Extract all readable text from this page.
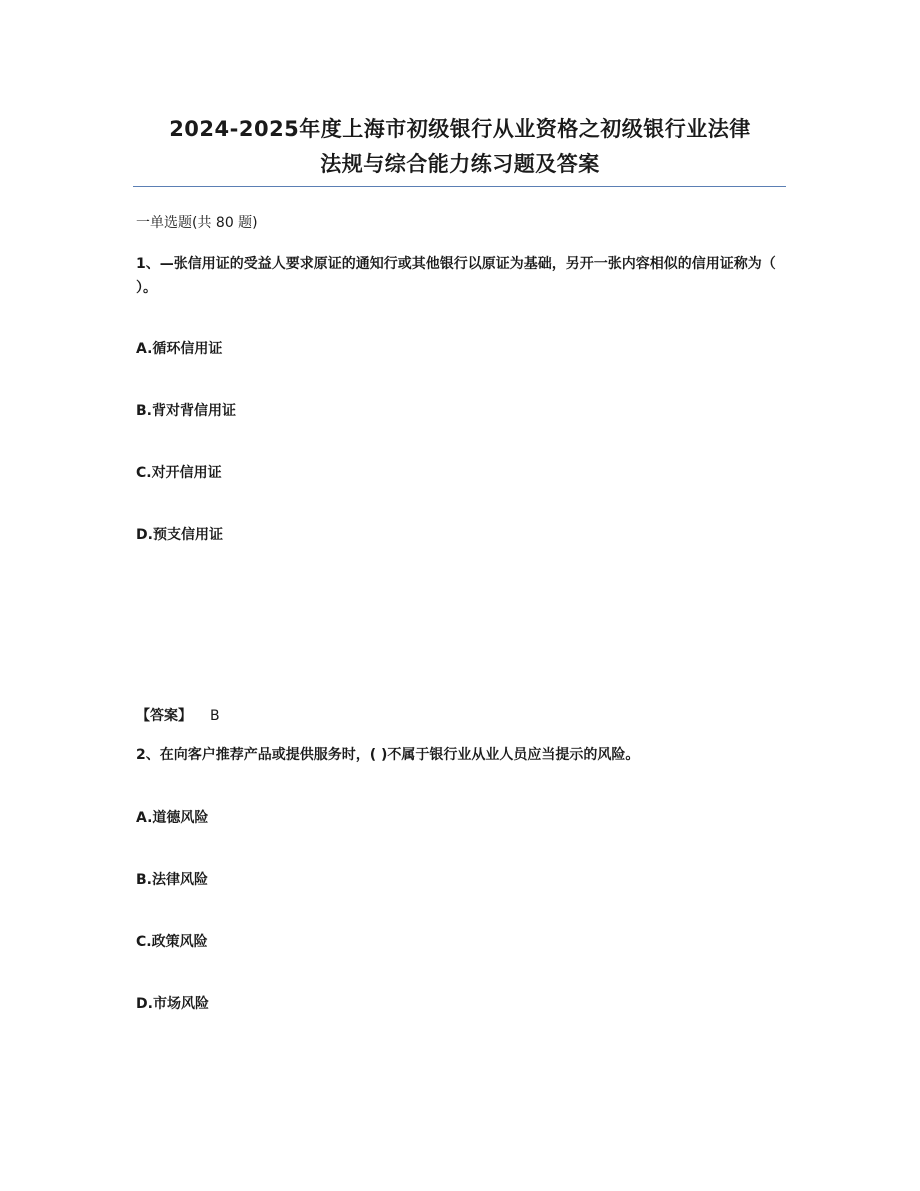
2024-2025年度上海市初级银行从业资格之初级银行业法律
法规与综合能力练习题及答案
一单选题(共 80 题)
1、—张信用证的受益人要求原证的通知行或其他银行以原证为基础，另开一张内容相似的信用证称为（ ）。
A.循环信用证
B.背对背信用证
C.对开信用证
D.预支信用证
【答案】 B
2、在向客户推荐产品或提供服务时，( )不属于银行业从业人员应当提示的风险。
A.道德风险
B.法律风险
C.政策风险
D.市场风险
